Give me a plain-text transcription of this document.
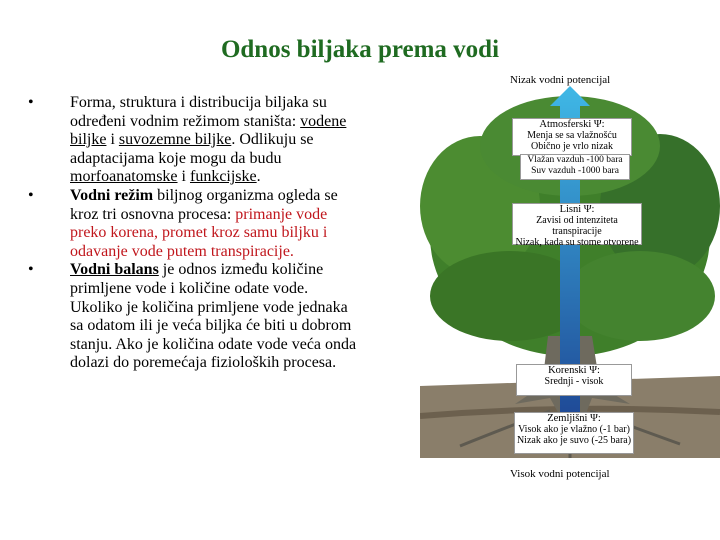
Odnos biljaka prema vodi
• Forma, struktura i distribucija biljaka su određeni vodnim režimom staništa: vodene biljke i suvozemne biljke. Odlikuju se adaptacijama koje mogu da budu morfoanatomske i funkcijske.
• Vodni režim biljnog organizma ogleda se kroz tri osnovna procesa: primanje vode preko korena, promet kroz samu biljku i odavanje vode putem transpiracije.
• Vodni balans je odnos između količine primljene vode i količine odate vode. Ukoliko je količina primljene vode jednaka sa odatom ili je veća biljka će biti u dobrom stanju. Ako je količina odate vode veća onda dolazi do poremećaja fizioloških procesa.
Nizak vodni potencijal
Atmosferski Ψ:
Menja se sa vlažnošću
Obično je vrlo nizak
Vlažan vazduh -100 bara
Suv vazduh -1000 bara
Lisni Ψ:
Zavisi od intenziteta transpiracije
Nizak, kada su stome otvorene
Korenski Ψ:
Srednji - visok
Zemljišni Ψ:
Visok ako je vlažno (-1 bar)
Nizak ako je suvo (-25 bara)
Visok vodni potencijal
